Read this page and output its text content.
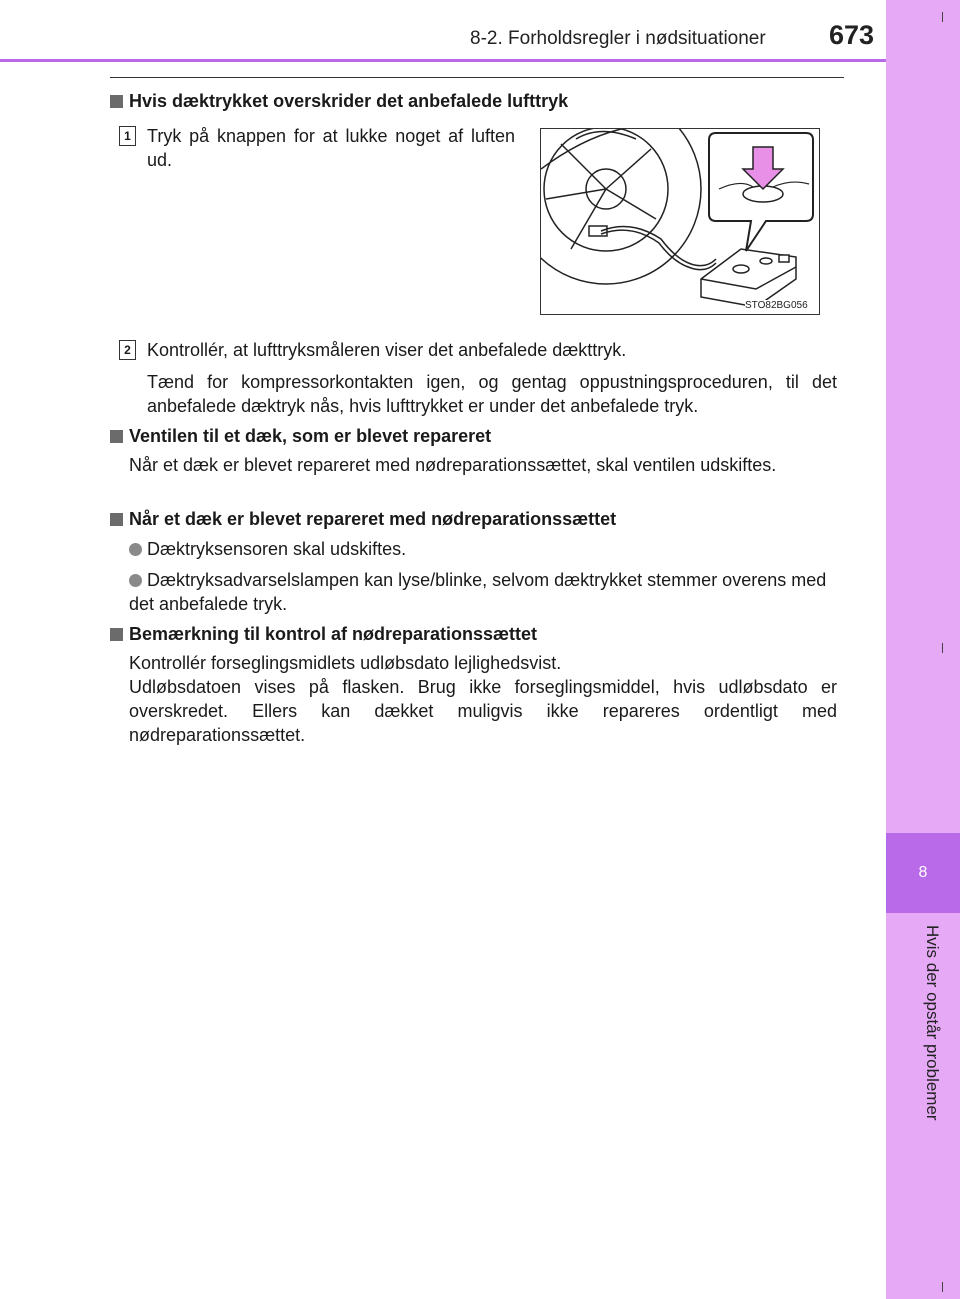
8-2. Forholdsregler i nødsituationer 673
8
Hvis der opstår problemer
Hvis dæktrykket overskrider det anbefalede lufttryk
1 Tryk på knappen for at lukke noget af luften ud.
STO82BG056
2 Kontrollér, at lufttryksmåleren viser det anbefalede dækttryk.
Tænd for kompressorkontakten igen, og gentag oppustningsproceduren, til det anbefalede dæktryk nås, hvis lufttrykket er under det anbefalede tryk.
Ventilen til et dæk, som er blevet repareret
Når et dæk er blevet repareret med nødreparationssættet, skal ventilen udskiftes.
Når et dæk er blevet repareret med nødreparationssættet
Dæktryksensoren skal udskiftes.
Dæktryksadvarselslampen kan lyse/blinke, selvom dæktrykket stemmer overens med det anbefalede tryk.
Bemærkning til kontrol af nødreparationssættet
Kontrollér forseglingsmidlets udløbsdato lejlighedsvist.
Udløbsdatoen vises på flasken. Brug ikke forseglingsmiddel, hvis udløbsdato er overskredet. Ellers kan dækket muligvis ikke repareres ordentligt med nødreparationssættet.
